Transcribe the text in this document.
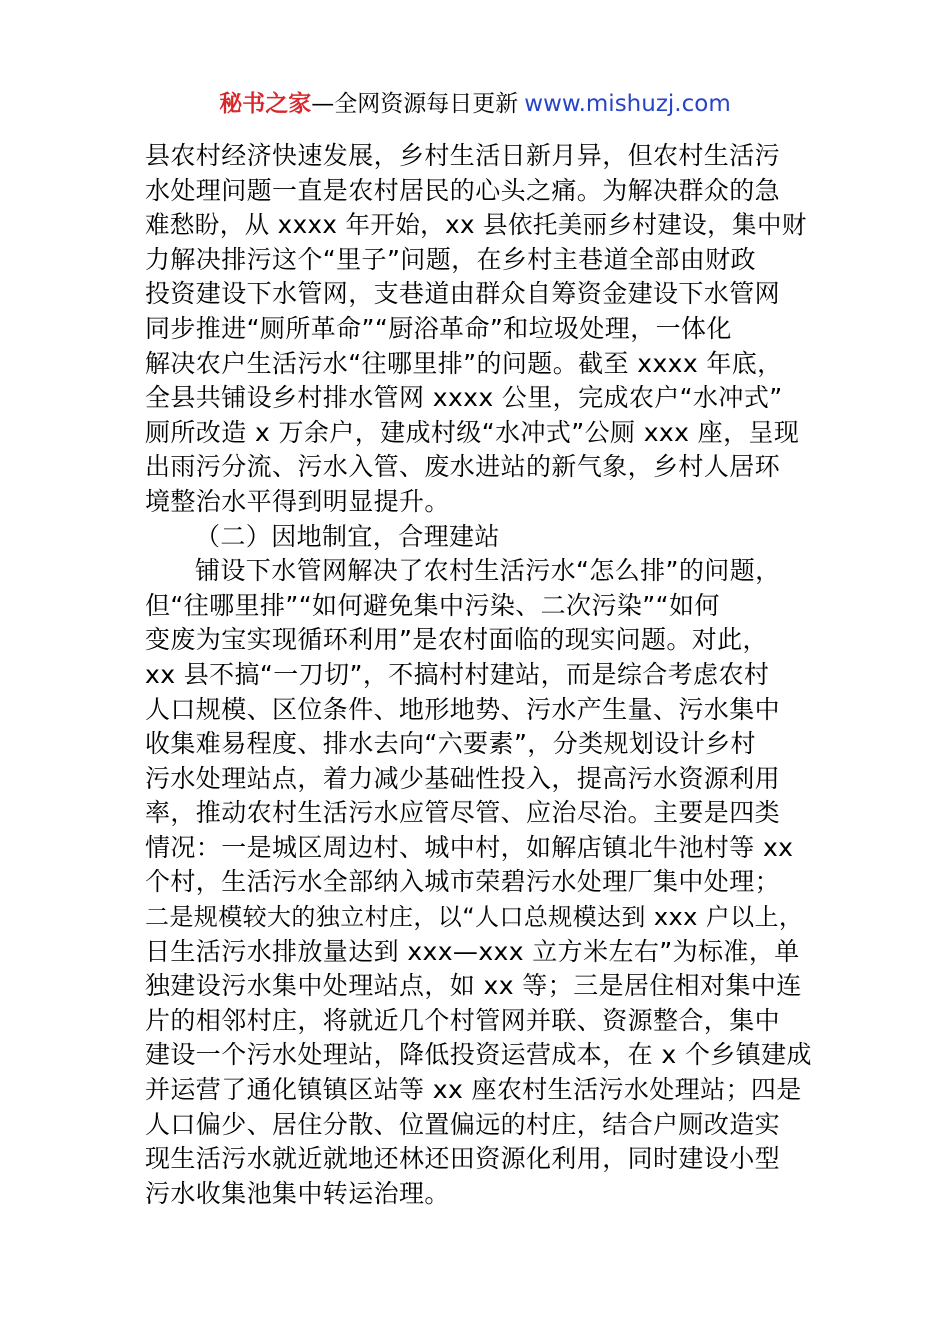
秘书之家—全网资源每日更新 www.mishuzj.com
县农村经济快速发展，乡村生活日新月异，但农村生活污
水处理问题一直是农村居民的心头之痛。为解决群众的急
难愁盼，从 xxxx 年开始，xx 县依托美丽乡村建设，集中财
力解决排污这个“里子”问题，在乡村主巷道全部由财政
投资建设下水管网，支巷道由群众自筹资金建设下水管网
同步推进“厕所革命”“厨浴革命”和垃圾处理，一体化
解决农户生活污水“往哪里排”的问题。截至 xxxx 年底，
全县共铺设乡村排水管网 xxxx 公里，完成农户“水冲式”
厕所改造 x 万余户，建成村级“水冲式”公厕 xxx 座，呈现
出雨污分流、污水入管、废水进站的新气象，乡村人居环
境整治水平得到明显提升。
（二）因地制宜，合理建站
铺设下水管网解决了农村生活污水“怎么排”的问题，
但“往哪里排”“如何避免集中污染、二次污染”“如何
变废为宝实现循环利用”是农村面临的现实问题。对此，
xx 县不搞“一刀切”，不搞村村建站，而是综合考虑农村
人口规模、区位条件、地形地势、污水产生量、污水集中
收集难易程度、排水去向“六要素”，分类规划设计乡村
污水处理站点，着力减少基础性投入，提高污水资源利用
率，推动农村生活污水应管尽管、应治尽治。主要是四类
情况：一是城区周边村、城中村，如解店镇北牛池村等 xx
个村，生活污水全部纳入城市荣碧污水处理厂集中处理；
二是规模较大的独立村庄，以“人口总规模达到 xxx 户以上，
日生活污水排放量达到 xxx—xxx 立方米左右”为标准，单
独建设污水集中处理站点，如 xx 等；三是居住相对集中连
片的相邻村庄，将就近几个村管网并联、资源整合，集中
建设一个污水处理站，降低投资运营成本，在 x 个乡镇建成
并运营了通化镇镇区站等 xx 座农村生活污水处理站；四是
人口偏少、居住分散、位置偏远的村庄，结合户厕改造实
现生活污水就近就地还林还田资源化利用，同时建设小型
污水收集池集中转运治理。
